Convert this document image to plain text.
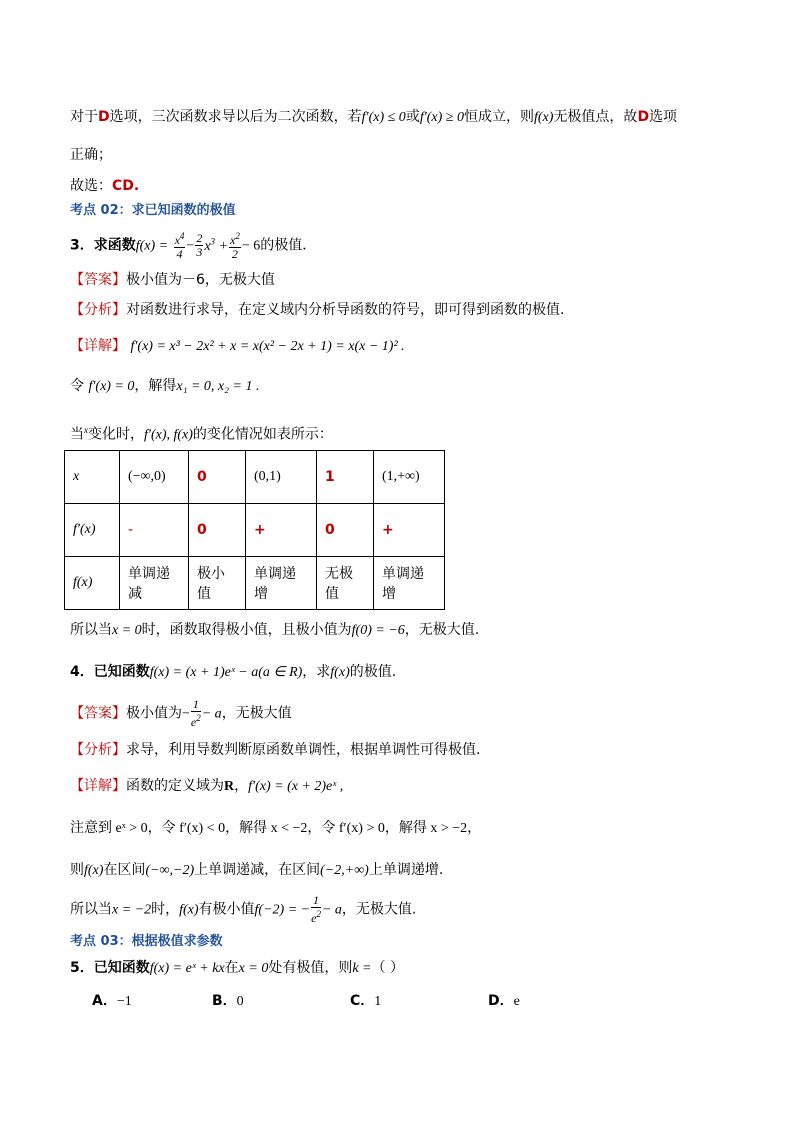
对于D选项，三次函数求导以后为二次函数，若f′(x) ≤ 0或f′(x) ≥ 0恒成立，则f(x)无极值点，故D选项
正确；
故选：CD.
考点 02：求已知函数的极值
3．求函数$f(x) = \frac{x^4}{4} - \frac{2}{3} x^3 + \frac{x^2}{2} - 6$的极值．
【答案】极小值为－6，无极大值
【分析】对函数进行求导，在定义域内分析导函数的符号，即可得到函数的极值.
【详解】 f′(x) = x³ − 2x² + x = x(x² − 2x + 1) = x(x − 1)² .
令 f′(x) = 0，解得x₁ = 0, x₂ = 1 .
当$^x$变化时，f′(x), f(x)的变化情况如表所示：
x	(−∞,0)	0	(0,1)	1	(1,+∞)
f′(x)	-	0	+	0	+
f(x)	单调递减	极小值	单调递增	无极值	单调递增
所以当x = 0时，函数取得极小值，且极小值为f(0) = −6，无极大值.
4．已知函数f(x) = (x + 1)eˣ − a(a ∈ R)，求f(x)的极值.
【答案】极小值为− $\frac{1}{e^2} - a$，无极大值
【分析】求导，利用导数判断原函数单调性，根据单调性可得极值.
【详解】函数的定义域为R，f′(x) = (x + 2)eˣ ,
注意到 eˣ > 0，令 f′(x) < 0，解得 x < −2，令 f′(x) > 0，解得 x > −2，
则f(x)在区间(−∞,−2)上单调递减，在区间(−2,+∞)上单调递增.
所以当x = −2时，f(x)有极小值f(−2) = − $\frac{1}{e^2} - a$，无极大值.
考点 03：根据极值求参数
5．已知函数f(x) = eˣ + kx在x = 0处有极值，则k =（ ）
A．−1	B．0	C．1	D．e
